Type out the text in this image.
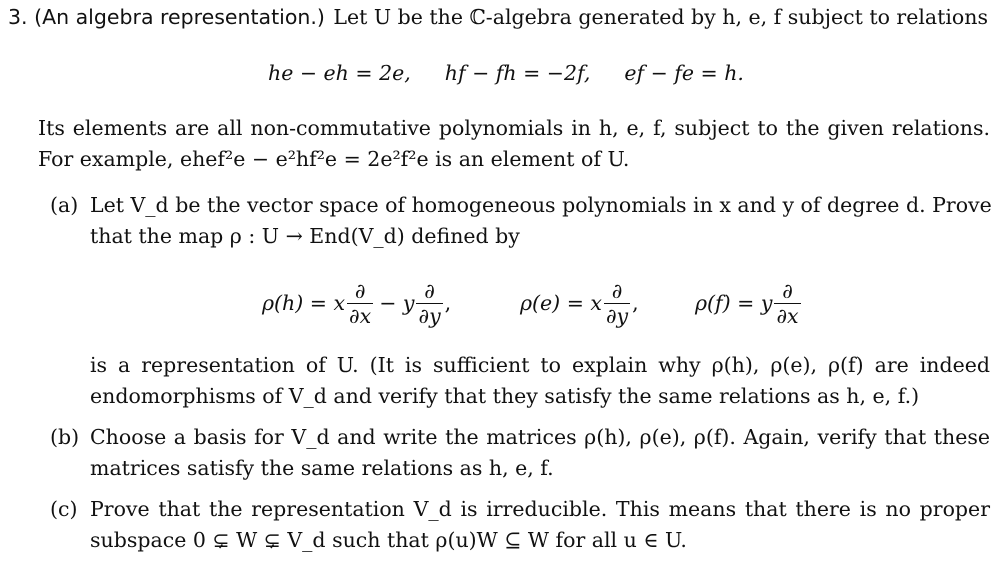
3. (An algebra representation.) Let U be the ℂ-algebra generated by h, e, f subject to relations
he − eh = 2e, hf − fh = −2f, ef − fe = h.
Its elements are all non-commutative polynomials in h, e, f, subject to the given relations.
For example, ehef²e − e²hf²e = 2e²f²e is an element of U.
(a) Let V_d be the vector space of homogeneous polynomials in x and y of degree d. Prove
that the map ρ : U → End(V_d) defined by
ρ(h) = x $\frac{\partial}{\partial x} - y \frac{\partial}{\partial y}$ ,	ρ(e) = x $\frac{\partial}{\partial y}$ ,	ρ(f) = y $\frac{\partial}{\partial x}$
is a representation of U. (It is sufficient to explain why ρ(h), ρ(e), ρ(f) are indeed
endomorphisms of V_d and verify that they satisfy the same relations as h, e, f.)
(b) Choose a basis for V_d and write the matrices ρ(h), ρ(e), ρ(f). Again, verify that these
matrices satisfy the same relations as h, e, f.
(c) Prove that the representation V_d is irreducible. This means that there is no proper
subspace 0 ⊊ W ⊊ V_d such that ρ(u)W ⊆ W for all u ∈ U.
